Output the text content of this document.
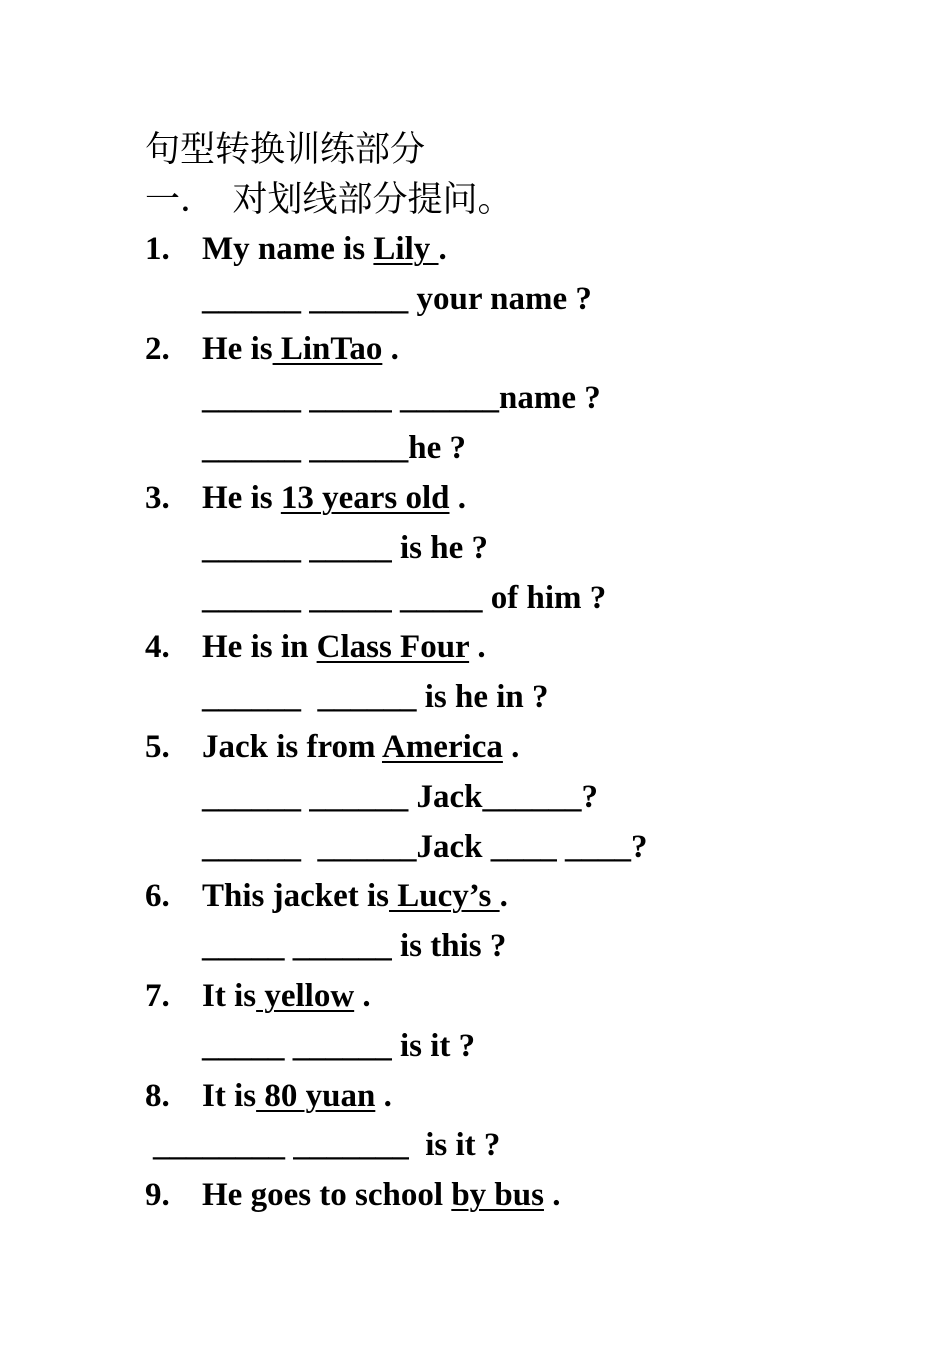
句型转换训练部分
一．  对划线部分提问。

1.

My name is Lily .

______ ______ your name ?

2.

He is LinTao .

______ _____ ______name ?

______ ______he ?

3.

He is 13 years old .

______ _____ is he ?

______ _____ _____ of him ?

4.

He is in Class Four .

______  ______ is he in ?

5.

Jack is from America .

______ ______ Jack______?

______  ______Jack ____ ____?

6.

This jacket is Lucy’s .

_____ ______ is this ?

7.

It is yellow .

_____ ______ is it ?

8.

It is 80 yuan .

________ _______  is it ?

9.

He goes to school by bus .
